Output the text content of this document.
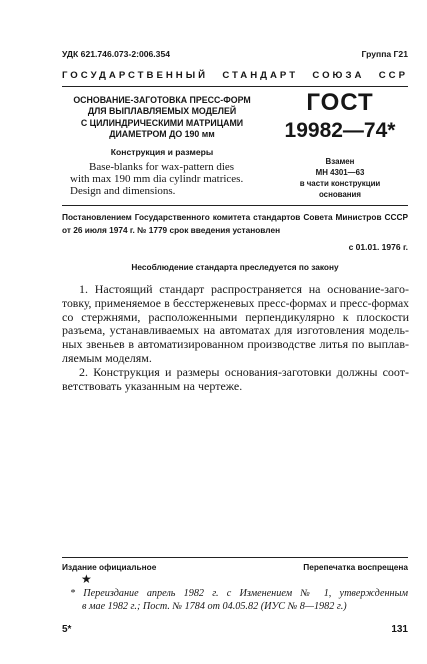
УДК 621.746.073-2:006.354	Группа Г21
ГОСУДАРСТВЕННЫЙ СТАНДАРТ СОЮЗА ССР
ОСНОВАНИЕ-ЗАГОТОВКА ПРЕСС-ФОРМ
ДЛЯ ВЫПЛАВЛЯЕМЫХ МОДЕЛЕЙ
С ЦИЛИНДРИЧЕСКИМИ МАТРИЦАМИ
ДИАМЕТРОМ ДО 190 мм
Конструкция и размеры
Base-blanks for wax-pattern dies
with max 190 mm dia cylindr matrices.
Design and dimensions.
ГОСТ
19982—74*
Взамен
МН 4301—63
в части конструкции
основания
Постановлением Государственного комитета стандартов Совета Министров СССР
от 26 июля 1974 г. № 1779 срок введения установлен
с 01.01. 1976 г.
Несоблюдение стандарта преследуется по закону
1. Настоящий стандарт распространяется на основание-заго-
товку, применяемое в бесстерженевых пресс-формах и пресс-формах
со стержнями, расположенными перпендикулярно к плоскости
разъема, устанавливаемых на автоматах для изготовления модель-
ных звеньев в автоматизированном производстве литья по выплав-
ляемым моделям.
2. Конструкция и размеры основания-заготовки должны соот-
ветствовать указанным на чертеже.
Издание официальное	Перепечатка воспрещена
★
* Переиздание апрель 1982 г. с Изменением № 1, утвержденным
в мае 1982 г.; Пост. № 1784 от 04.05.82 (ИУС № 8—1982 г.)
5*	131
